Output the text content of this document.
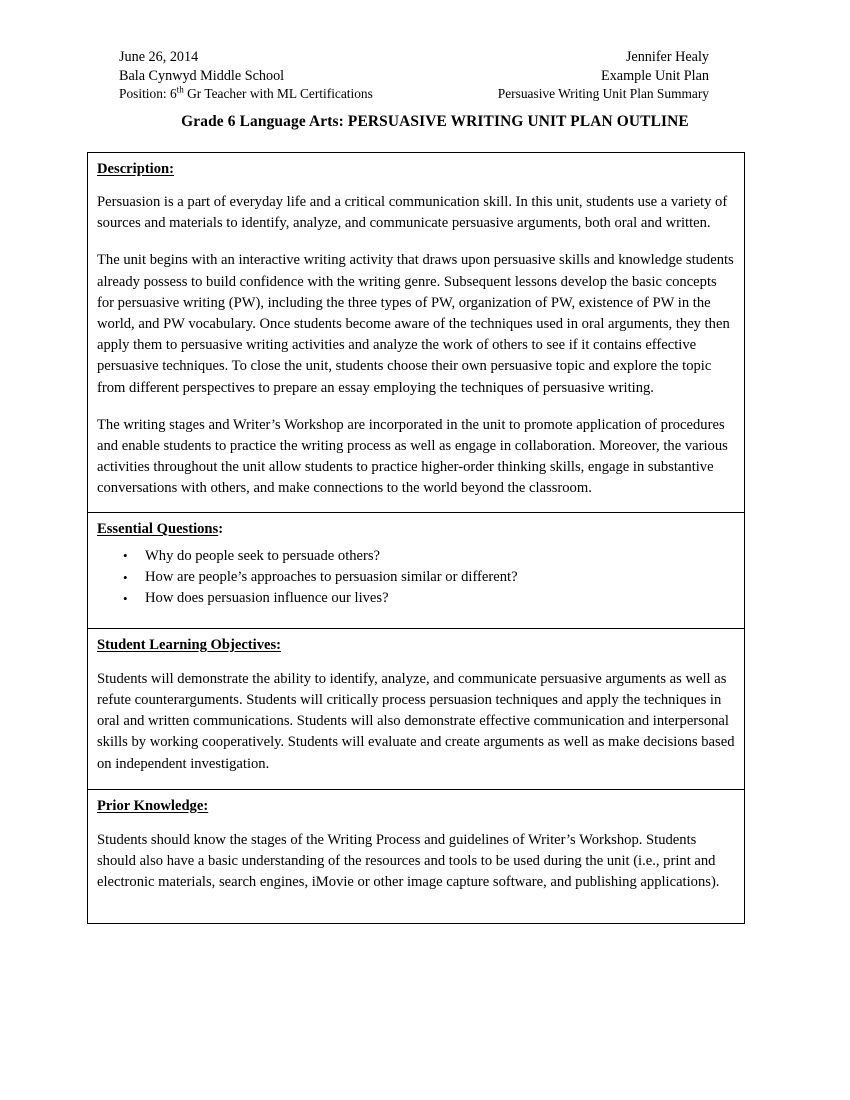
June 26, 2014	Jennifer Healy
Bala Cynwyd Middle School	Example Unit Plan
Position: 6th Gr Teacher with ML Certifications	Persuasive Writing Unit Plan Summary
Grade 6 Language Arts: PERSUASIVE WRITING UNIT PLAN OUTLINE
Description:

Persuasion is a part of everyday life and a critical communication skill. In this unit, students use a variety of sources and materials to identify, analyze, and communicate persuasive arguments, both oral and written.

The unit begins with an interactive writing activity that draws upon persuasive skills and knowledge students already possess to build confidence with the writing genre. Subsequent lessons develop the basic concepts for persuasive writing (PW), including the three types of PW, organization of PW, existence of PW in the world, and PW vocabulary. Once students become aware of the techniques used in oral arguments, they then apply them to persuasive writing activities and analyze the work of others to see if it contains effective persuasive techniques. To close the unit, students choose their own persuasive topic and explore the topic from different perspectives to prepare an essay employing the techniques of persuasive writing.

The writing stages and Writer’s Workshop are incorporated in the unit to promote application of procedures and enable students to practice the writing process as well as engage in collaboration. Moreover, the various activities throughout the unit allow students to practice higher-order thinking skills, engage in substantive conversations with others, and make connections to the world beyond the classroom.

Essential Questions:
• Why do people seek to persuade others?
• How are people’s approaches to persuasion similar or different?
• How does persuasion influence our lives?
Student Learning Objectives:

Students will demonstrate the ability to identify, analyze, and communicate persuasive arguments as well as refute counterarguments. Students will critically process persuasion techniques and apply the techniques in oral and written communications. Students will also demonstrate effective communication and interpersonal skills by working cooperatively. Students will evaluate and create arguments as well as make decisions based on independent investigation.

Prior Knowledge:

Students should know the stages of the Writing Process and guidelines of Writer’s Workshop. Students should also have a basic understanding of the resources and tools to be used during the unit (i.e., print and electronic materials, search engines, iMovie or other image capture software, and publishing applications).
